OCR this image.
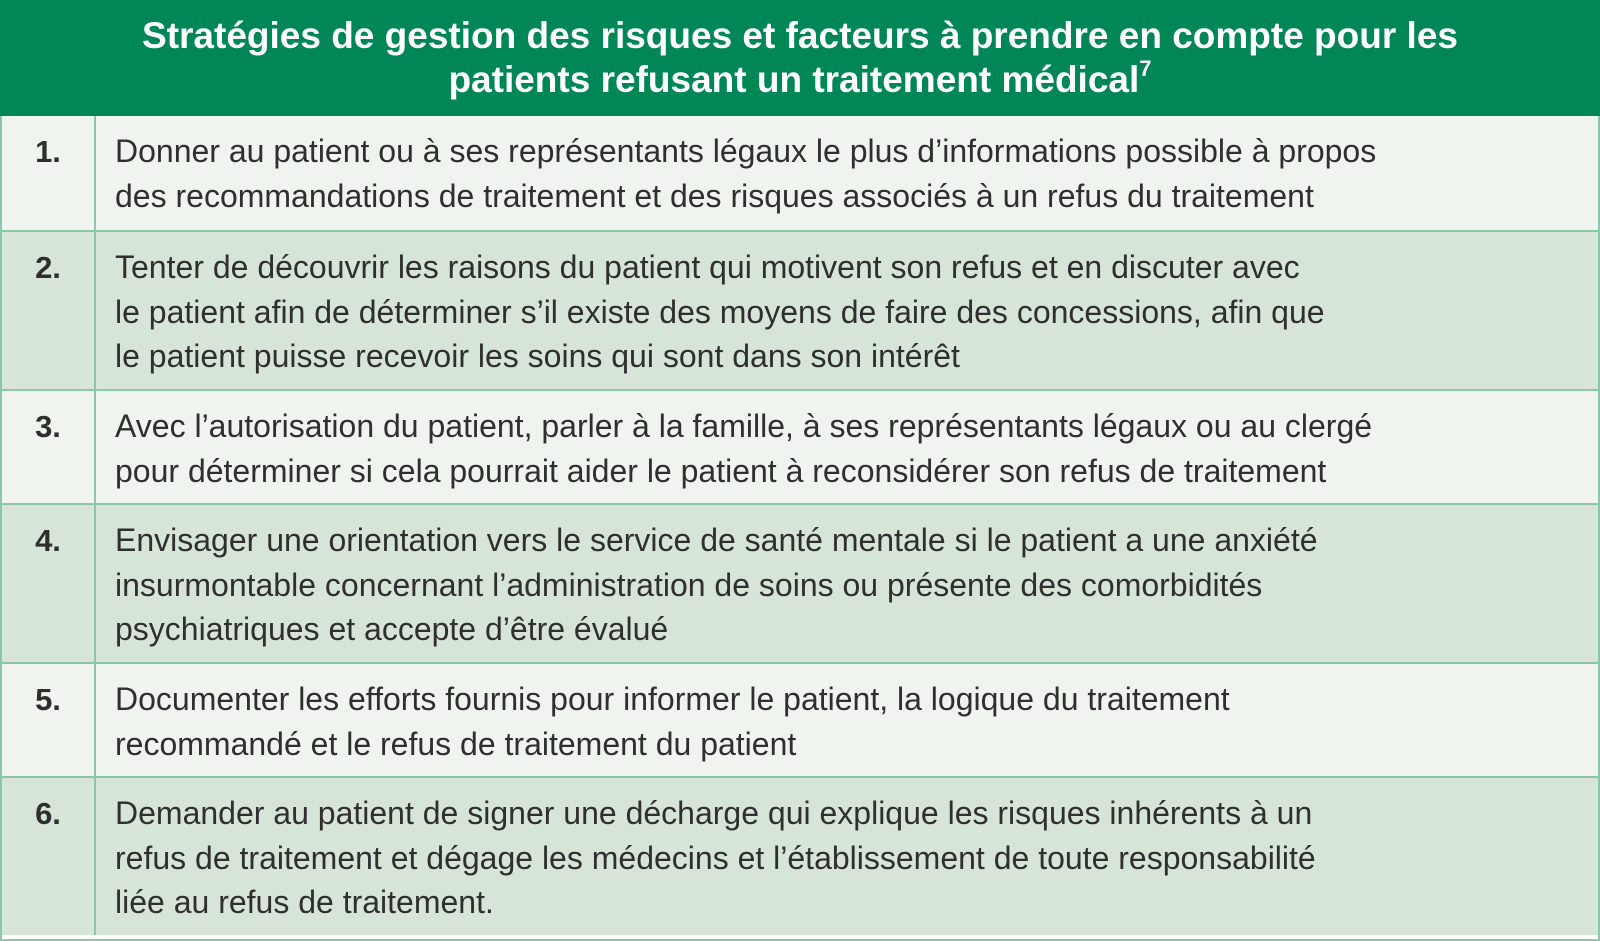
Stratégies de gestion des risques et facteurs à prendre en compte pour les
patients refusant un traitement médical$^7$
1.	Donner au patient ou à ses représentants légaux le plus d’informations possible à propos
des recommandations de traitement et des risques associés à un refus du traitement
2.	Tenter de découvrir les raisons du patient qui motivent son refus et en discuter avec
le patient afin de déterminer s’il existe des moyens de faire des concessions, afin que
le patient puisse recevoir les soins qui sont dans son intérêt
3.	Avec l’autorisation du patient, parler à la famille, à ses représentants légaux ou au clergé
pour déterminer si cela pourrait aider le patient à reconsidérer son refus de traitement
4.	Envisager une orientation vers le service de santé mentale si le patient a une anxiété
insurmontable concernant l’administration de soins ou présente des comorbidités
psychiatriques et accepte d’être évalué
5.	Documenter les efforts fournis pour informer le patient, la logique du traitement
recommandé et le refus de traitement du patient
6.	Demander au patient de signer une décharge qui explique les risques inhérents à un
refus de traitement et dégage les médecins et l’établissement de toute responsabilité
liée au refus de traitement.
